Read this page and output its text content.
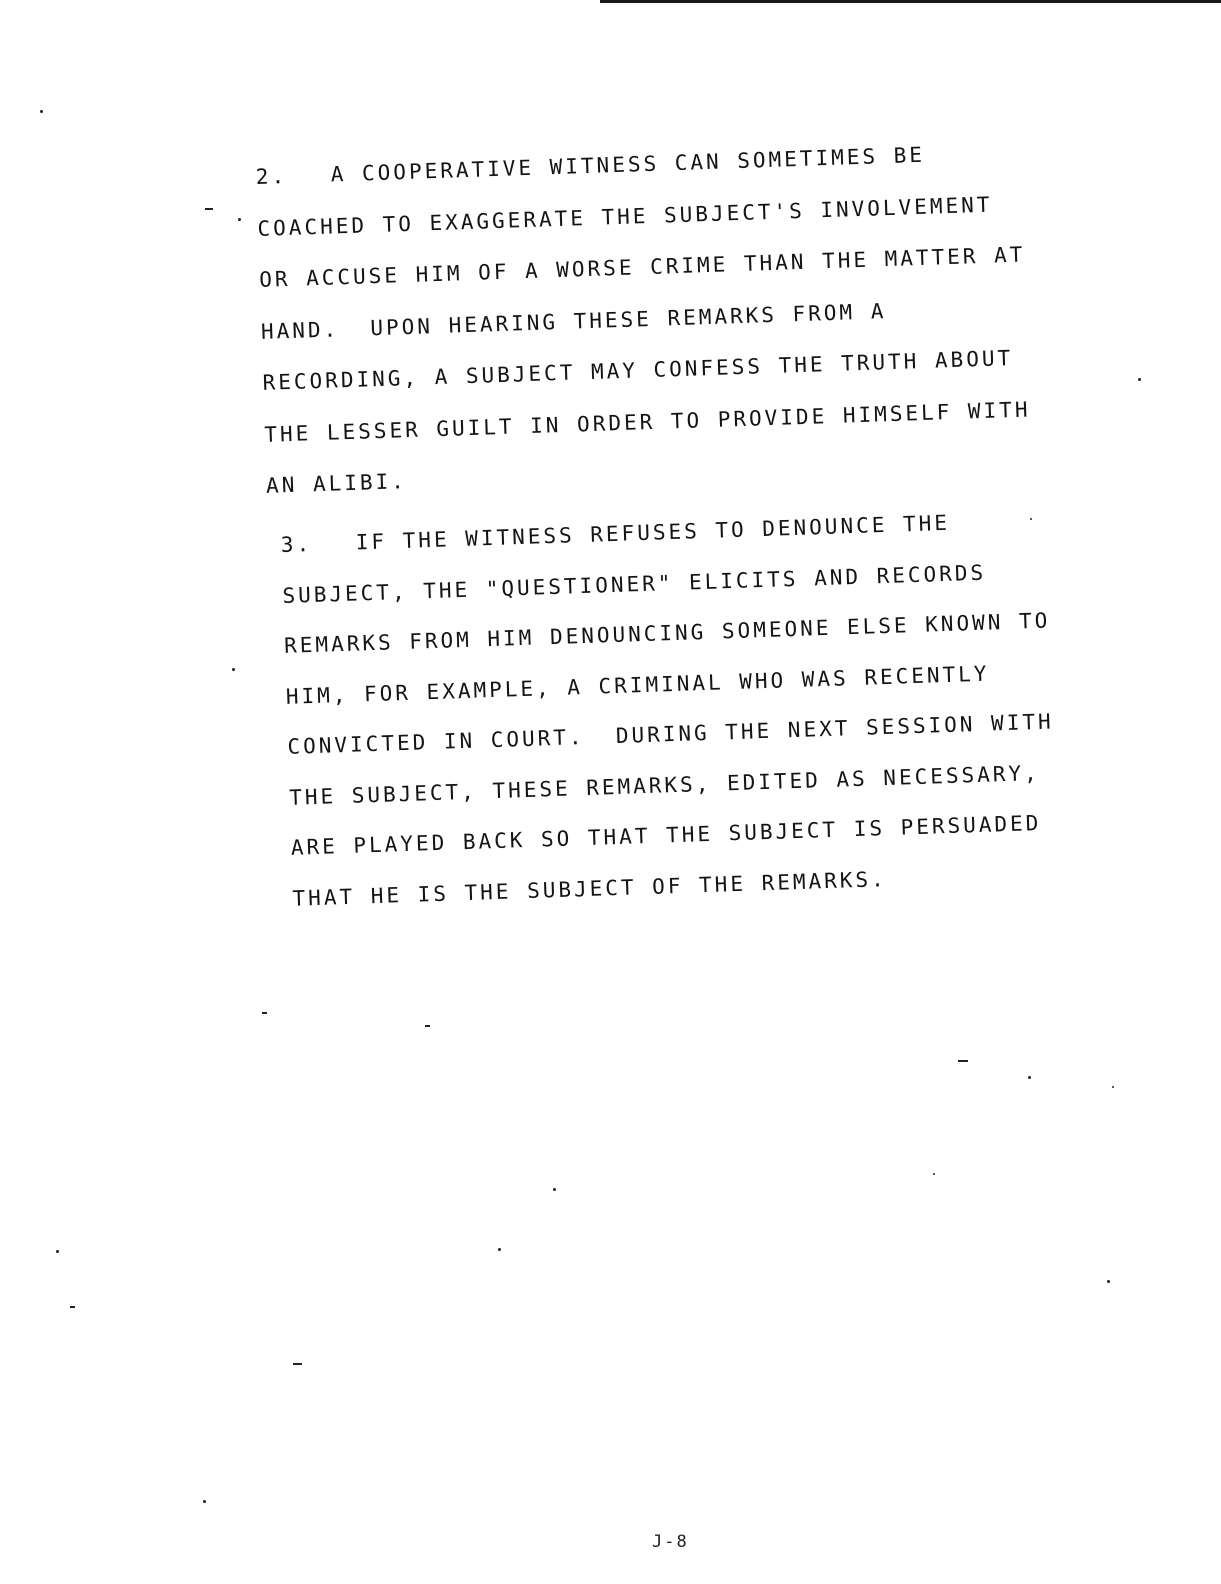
2. A COOPERATIVE WITNESS CAN SOMETIMES BE
COACHED TO EXAGGERATE THE SUBJECT'S INVOLVEMENT
OR ACCUSE HIM OF A WORSE CRIME THAN THE MATTER AT
HAND.  UPON HEARING THESE REMARKS FROM A
RECORDING, A SUBJECT MAY CONFESS THE TRUTH ABOUT
THE LESSER GUILT IN ORDER TO PROVIDE HIMSELF WITH
AN ALIBI.
3. IF THE WITNESS REFUSES TO DENOUNCE THE
SUBJECT, THE "QUESTIONER" ELICITS AND RECORDS
REMARKS FROM HIM DENOUNCING SOMEONE ELSE KNOWN TO
HIM, FOR EXAMPLE, A CRIMINAL WHO WAS RECENTLY
CONVICTED IN COURT.  DURING THE NEXT SESSION WITH
THE SUBJECT, THESE REMARKS, EDITED AS NECESSARY,
ARE PLAYED BACK SO THAT THE SUBJECT IS PERSUADED
THAT HE IS THE SUBJECT OF THE REMARKS.
J-8
